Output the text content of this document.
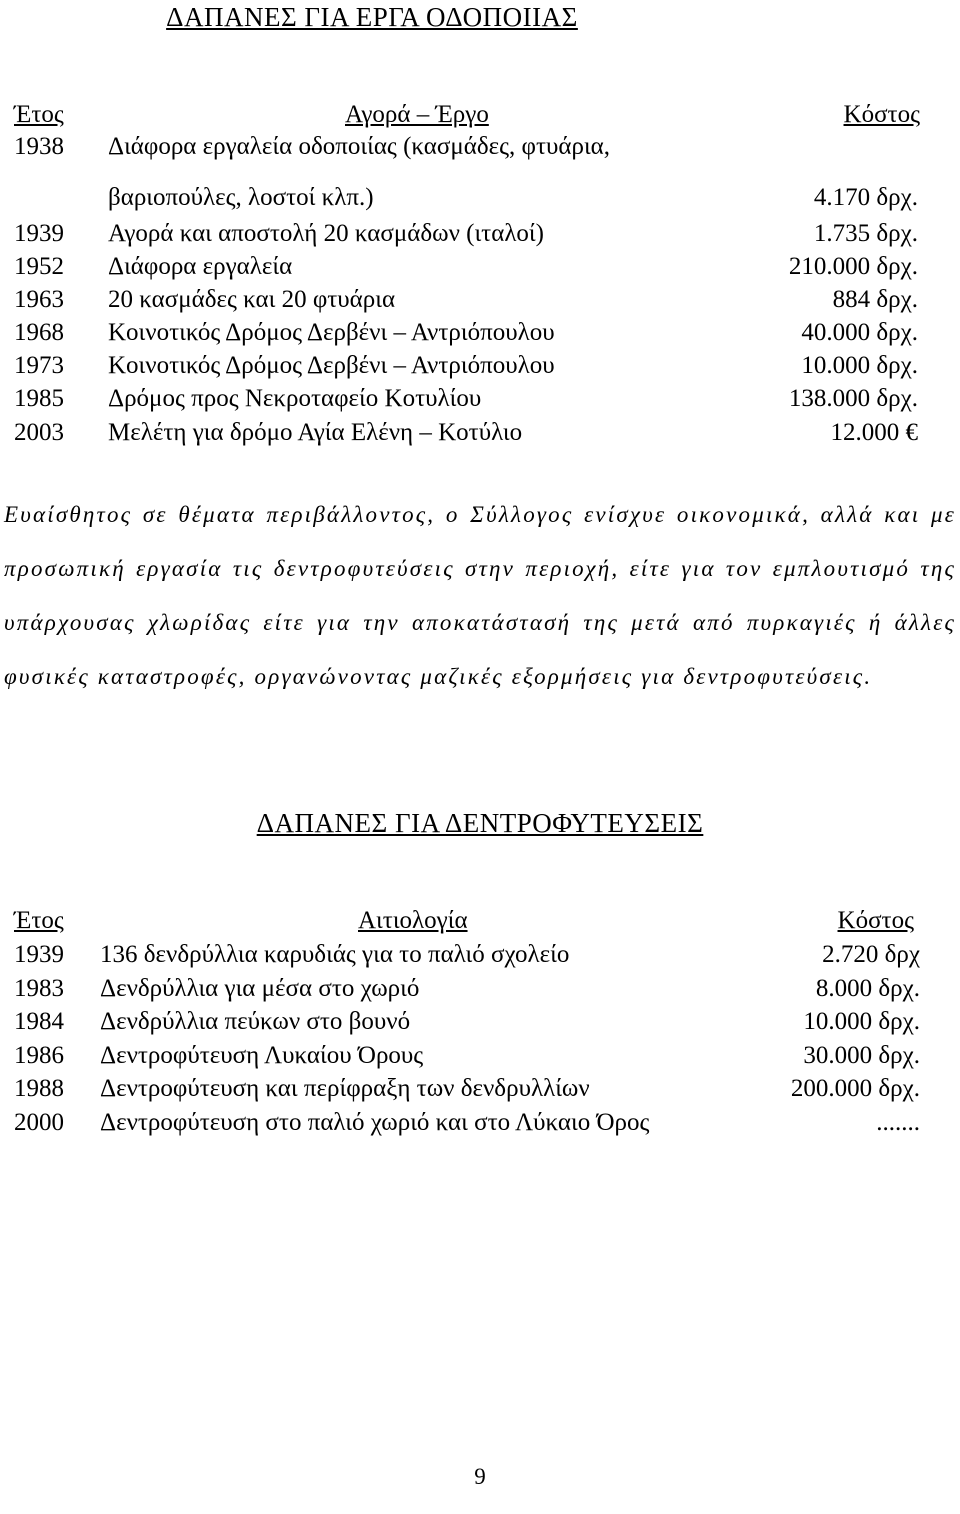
ΔΑΠΑΝΕΣ ΓΙΑ ΕΡΓΑ ΟΔΟΠΟΙΙΑΣ
Έτος	Αγορά – Έργο	Κόστος
1938 Διάφορα εργαλεία οδοποιίας (κασμάδες, φτυάρια,
βαριοπούλες, λοστοί κλπ.)	4.170 δρχ.
1939 Αγορά και αποστολή 20 κασμάδων (ιταλοί)	1.735 δρχ.
1952 Διάφορα εργαλεία	210.000 δρχ.
1963 20 κασμάδες και 20 φτυάρια	884 δρχ.
1968 Κοινοτικός Δρόμος Δερβένι – Αντριόπουλου	40.000 δρχ.
1973 Κοινοτικός Δρόμος Δερβένι – Αντριόπουλου	10.000 δρχ.
1985 Δρόμος προς Νεκροταφείο Κοτυλίου	138.000 δρχ.
2003 Μελέτη για δρόμο Αγία Ελένη – Κοτύλιο	12.000 €
Ευαίσθητος σε θέματα περιβάλλοντος, ο Σύλλογος ενίσχυε οικονομικά, αλλά και με προσωπική εργασία τις δεντροφυτεύσεις στην περιοχή, είτε για τον εμπλουτισμό της υπάρχουσας χλωρίδας είτε για την αποκατάστασή της μετά από πυρκαγιές ή άλλες φυσικές καταστροφές, οργανώνοντας μαζικές εξορμήσεις για δεντροφυτεύσεις.
ΔΑΠΑΝΕΣ ΓΙΑ ΔΕΝΤΡΟΦΥΤΕΥΣΕΙΣ
Έτος	Αιτιολογία	Κόστος
1939 136 δενδρύλλια καρυδιάς για το παλιό σχολείο	2.720 δρχ
1983 Δενδρύλλια για μέσα στο χωριό	8.000 δρχ.
1984 Δενδρύλλια πεύκων στο βουνό	10.000 δρχ.
1986 Δεντροφύτευση Λυκαίου Όρους	30.000 δρχ.
1988 Δεντροφύτευση και περίφραξη των δενδρυλλίων	200.000 δρχ.
2000 Δεντροφύτευση στο παλιό χωριό και στο Λύκαιο Όρος	.......
9
